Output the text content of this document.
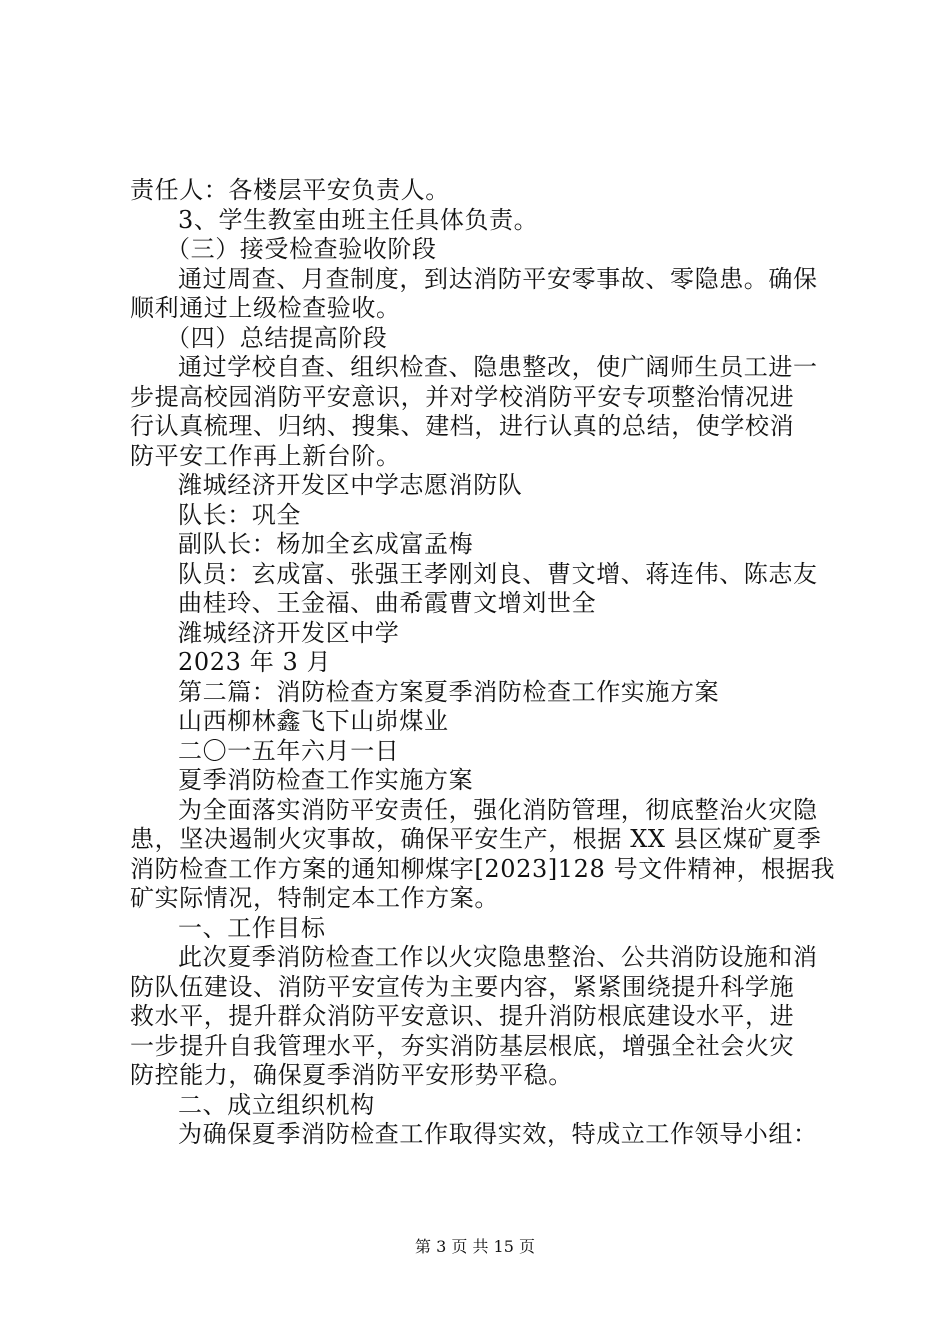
责任人：各楼层平安负责人。
3、学生教室由班主任具体负责。
（三）接受检查验收阶段
通过周查、月查制度，到达消防平安零事故、零隐患。确保
顺利通过上级检查验收。
（四）总结提高阶段
通过学校自查、组织检查、隐患整改，使广阔师生员工进一
步提高校园消防平安意识，并对学校消防平安专项整治情况进
行认真梳理、归纳、搜集、建档，进行认真的总结，使学校消
防平安工作再上新台阶。
潍城经济开发区中学志愿消防队
队长：巩全
副队长：杨加全玄成富孟梅
队员：玄成富、张强王孝刚刘良、曹文增、蒋连伟、陈志友
曲桂玲、王金福、曲希霞曹文增刘世全
潍城经济开发区中学
2023 年 3 月
第二篇：消防检查方案夏季消防检查工作实施方案
山西柳林鑫飞下山峁煤业
二〇一五年六月一日
夏季消防检查工作实施方案
为全面落实消防平安责任，强化消防管理，彻底整治火灾隐
患，坚决遏制火灾事故，确保平安生产，根据 XX 县区煤矿夏季
消防检查工作方案的通知柳煤字[2023]128 号文件精神，根据我
矿实际情况，特制定本工作方案。
一、工作目标
此次夏季消防检查工作以火灾隐患整治、公共消防设施和消
防队伍建设、消防平安宣传为主要内容，紧紧围绕提升科学施
救水平，提升群众消防平安意识、提升消防根底建设水平，进
一步提升自我管理水平，夯实消防基层根底，增强全社会火灾
防控能力，确保夏季消防平安形势平稳。
二、成立组织机构
为确保夏季消防检查工作取得实效，特成立工作领导小组：
第 3 页 共 15 页
